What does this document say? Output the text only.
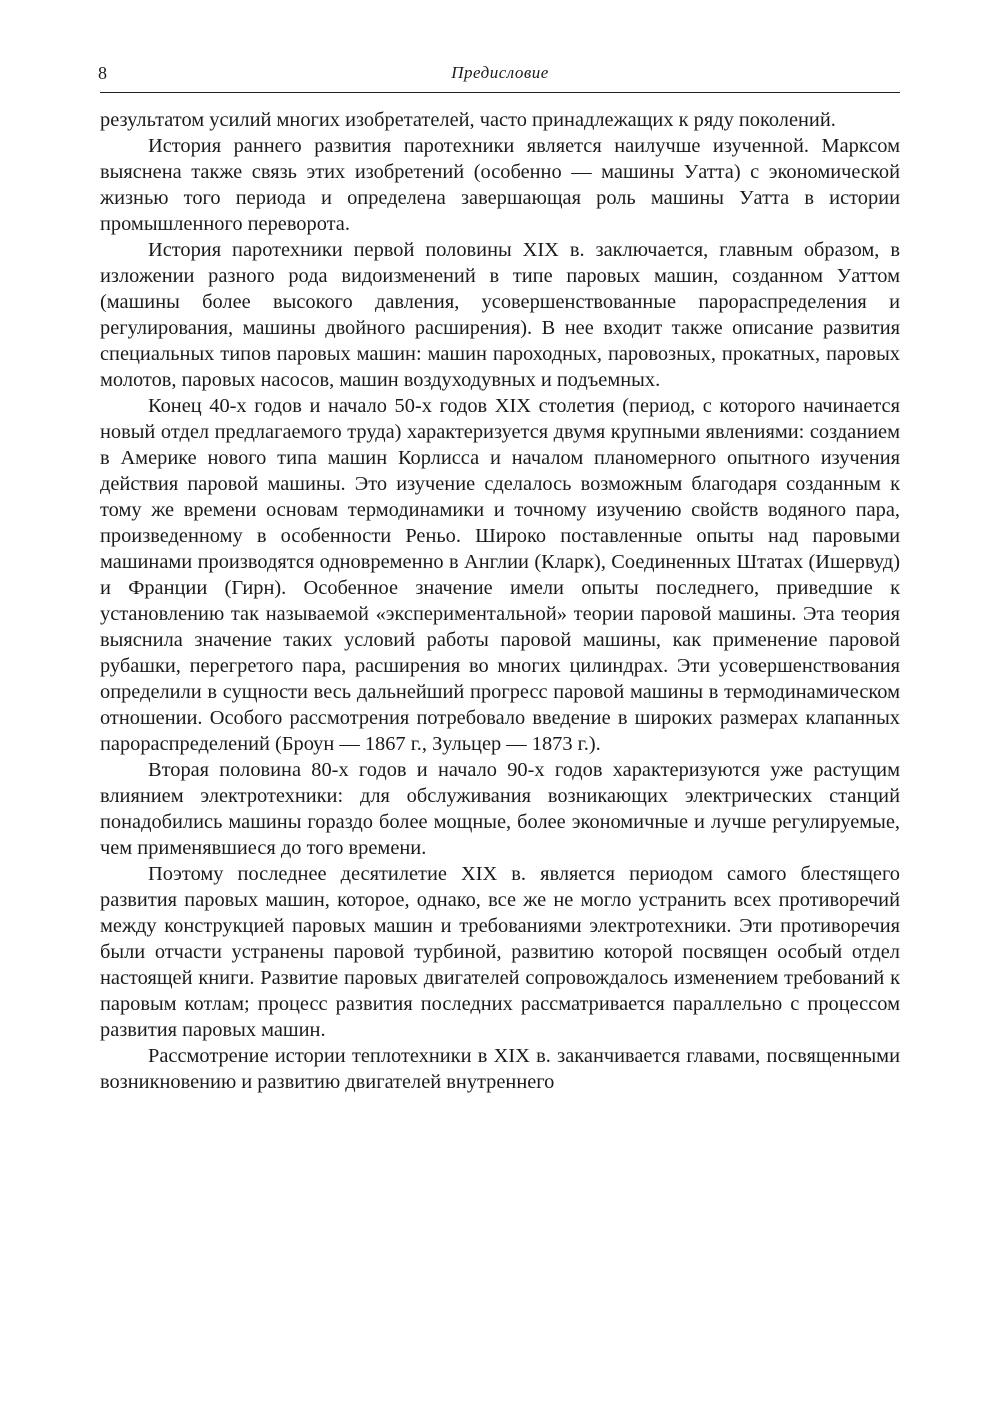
8	Предисловие

результатом усилий многих изобретателей, часто принадлежащих к ряду поколений.

История раннего развития паротехники является наилучше изученной. Марксом выяснена также связь этих изобретений (особенно — машины Уатта) с экономической жизнью того периода и определена завершающая роль машины Уатта в истории промышленного переворота.

История паротехники первой половины XIX в. заключается, главным образом, в изложении разного рода видоизменений в типе паровых машин, созданном Уаттом (машины более высокого давления, усовершенствованные парораспределения и регулирования, машины двойного расширения). В нее входит также описание развития специальных типов паровых машин: машин пароходных, паровозных, прокатных, паровых молотов, паровых насосов, машин воздуходувных и подъемных.

Конец 40-х годов и начало 50-х годов XIX столетия (период, с которого начинается новый отдел предлагаемого труда) характеризуется двумя крупными явлениями: созданием в Америке нового типа машин Корлисса и началом планомерного опытного изучения действия паровой машины. Это изучение сделалось возможным благодаря созданным к тому же времени основам термодинамики и точному изучению свойств водяного пара, произведенному в особенности Реньо. Широко поставленные опыты над паровыми машинами производятся одновременно в Англии (Кларк), Соединенных Штатах (Ишервуд) и Франции (Гирн). Особенное значение имели опыты последнего, приведшие к установлению так называемой «экспериментальной» теории паровой машины. Эта теория выяснила значение таких условий работы паровой машины, как применение паровой рубашки, перегретого пара, расширения во многих цилиндрах. Эти усовершенствования определили в сущности весь дальнейший прогресс паровой машины в термодинамическом отношении. Особого рассмотрения потребовало введение в широких размерах клапанных парораспределений (Броун — 1867 г., Зульцер — 1873 г.).

Вторая половина 80-х годов и начало 90-х годов характеризуются уже растущим влиянием электротехники: для обслуживания возникающих электрических станций понадобились машины гораздо более мощные, более экономичные и лучше регулируемые, чем применявшиеся до того времени.

Поэтому последнее десятилетие XIX в. является периодом самого блестящего развития паровых машин, которое, однако, все же не могло устранить всех противоречий между конструкцией паровых машин и требованиями электротехники. Эти противоречия были отчасти устранены паровой турбиной, развитию которой посвящен особый отдел настоящей книги. Развитие паровых двигателей сопровождалось изменением требований к паровым котлам; процесс развития последних рассматривается параллельно с процессом развития паровых машин.

Рассмотрение истории теплотехники в XIX в. заканчивается главами, посвященными возникновению и развитию двигателей внутреннего
